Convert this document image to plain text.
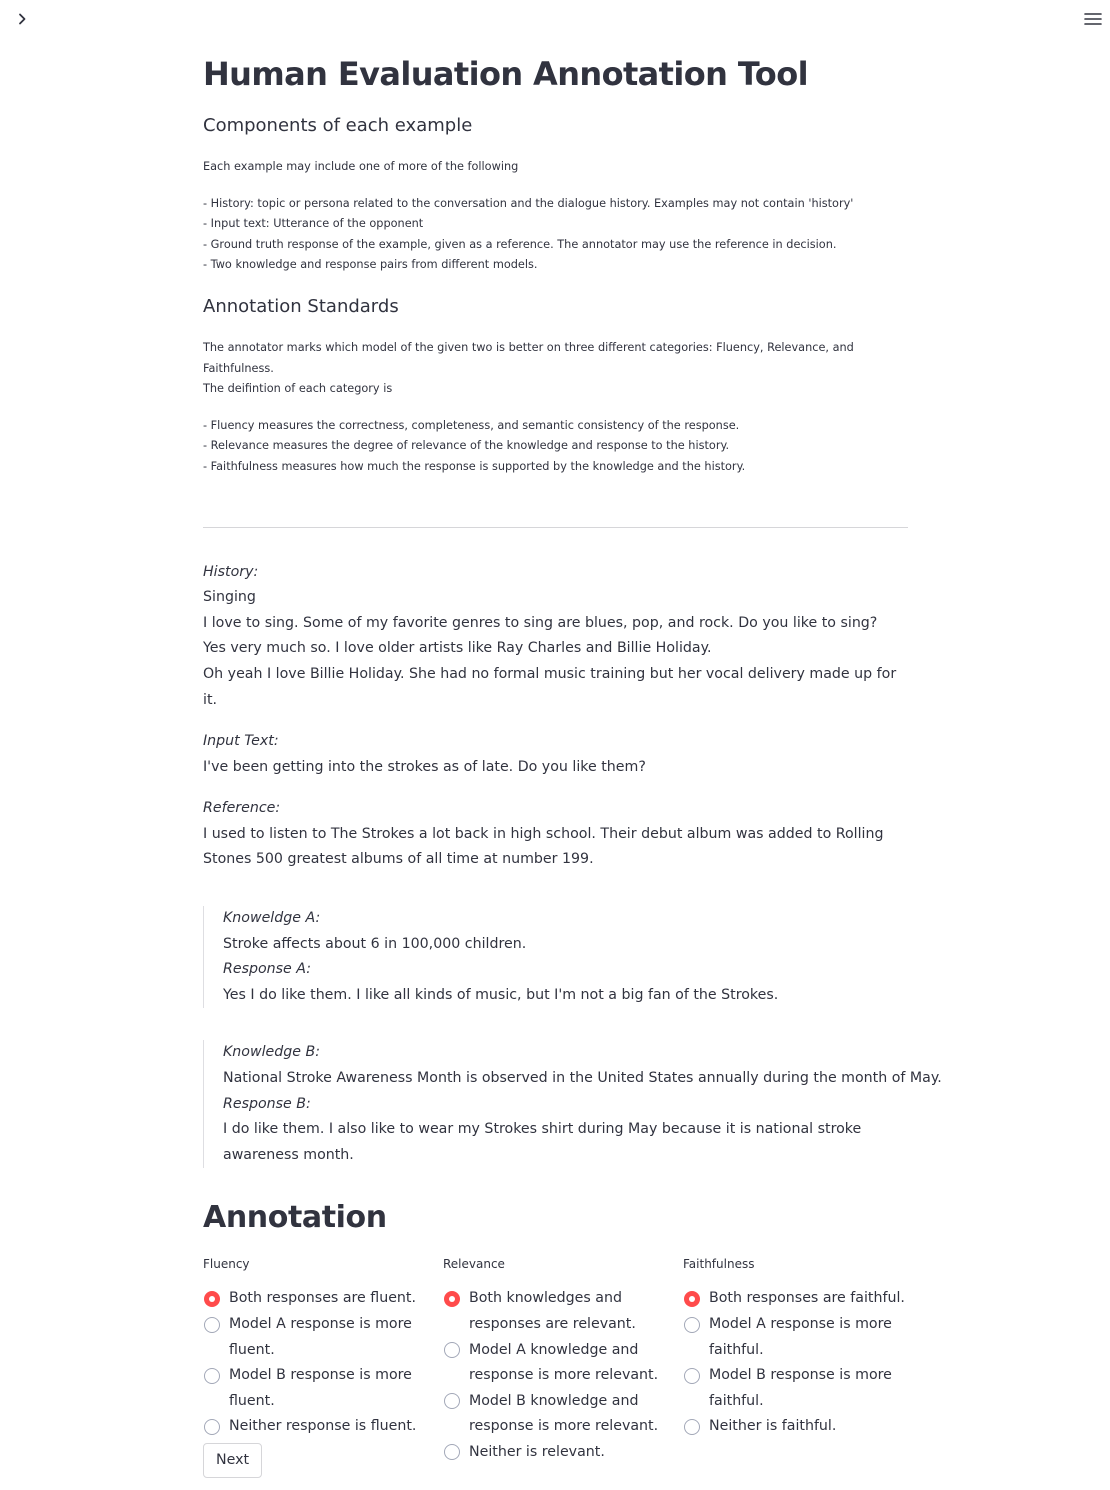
Human Evaluation Annotation Tool
Components of each example

Each example may include one of more of the following

- History: topic or persona related to the conversation and the dialogue history. Examples may not contain 'history'

- Input text: Utterance of the opponent

- Ground truth response of the example, given as a reference. The annotator may use the reference in decision.

- Two knowledge and response pairs from different models.

Annotation Standards

The annotator marks which model of the given two is better on three different categories: Fluency, Relevance, and Faithfulness.

The deifintion of each category is

- Fluency measures the correctness, completeness, and semantic consistency of the response.

- Relevance measures the degree of relevance of the knowledge and response to the history.

- Faithfulness measures how much the response is supported by the knowledge and the history.

History:

Singing

I love to sing. Some of my favorite genres to sing are blues, pop, and rock. Do you like to sing?

Yes very much so. I love older artists like Ray Charles and Billie Holiday.

Oh yeah I love Billie Holiday. She had no formal music training but her vocal delivery made up for it.

Input Text:

I've been getting into the strokes as of late. Do you like them?

Reference:

I used to listen to The Strokes a lot back in high school. Their debut album was added to Rolling Stones 500 greatest albums of all time at number 199.

Knoweldge A:

Stroke affects about 6 in 100,000 children.

Response A:

Yes I do like them. I like all kinds of music, but I'm not a big fan of the Strokes.

Knowledge B:

National Stroke Awareness Month is observed in the United States annually during the month of May.

Response B:

I do like them. I also like to wear my Strokes shirt during May because it is national stroke awareness month.

Annotation
Fluency
Both responses are fluent.
Model A response is more fluent.
Model B response is more fluent.
Neither response is fluent.
Relevance
Both knowledges and responses are relevant.
Model A knowledge and response is more relevant.
Model B knowledge and response is more relevant.
Neither is relevant.
Faithfulness
Both responses are faithful.
Model A response is more faithful.
Model B response is more faithful.
Neither is faithful.
Next
